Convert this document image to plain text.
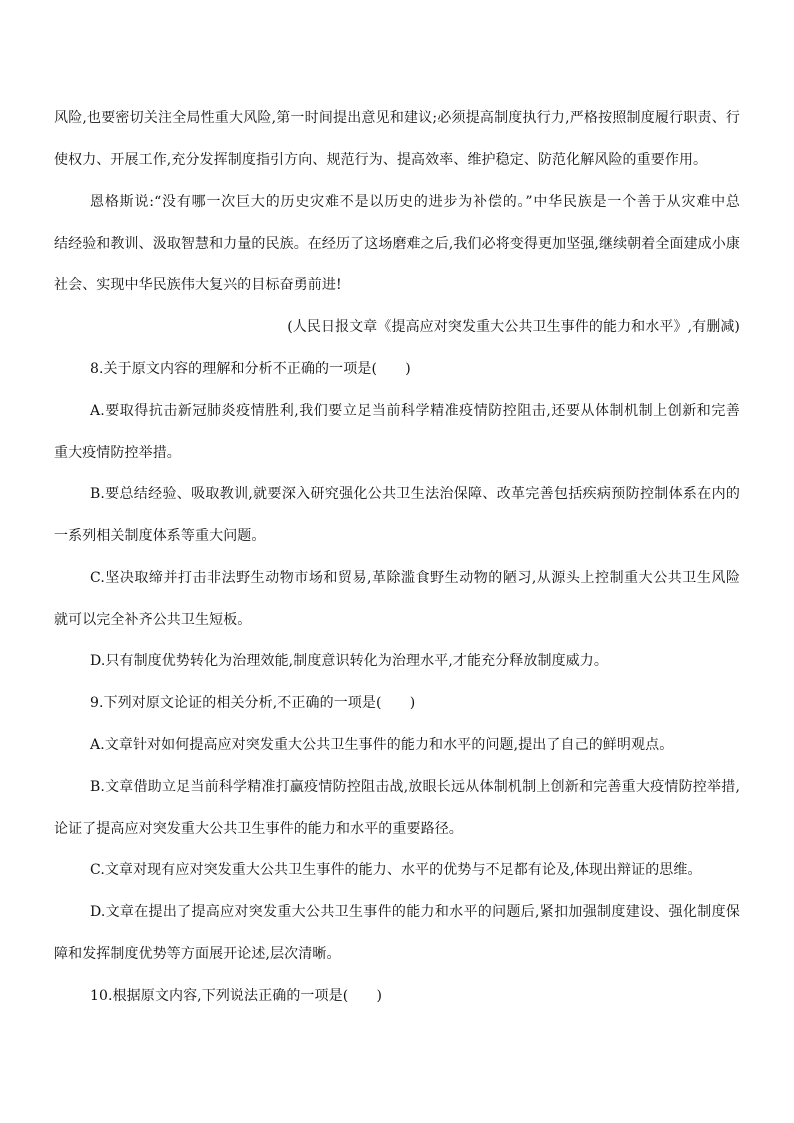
风险,也要密切关注全局性重大风险,第一时间提出意见和建议;必须提高制度执行力,严格按照制度履行职责、行
使权力、开展工作,充分发挥制度指引方向、规范行为、提高效率、维护稳定、防范化解风险的重要作用。
恩格斯说:“没有哪一次巨大的历史灾难不是以历史的进步为补偿的。”中华民族是一个善于从灾难中总
结经验和教训、汲取智慧和力量的民族。在经历了这场磨难之后,我们必将变得更加坚强,继续朝着全面建成小康
社会、实现中华民族伟大复兴的目标奋勇前进!
(人民日报文章《提高应对突发重大公共卫生事件的能力和水平》,有删减)
8.关于原文内容的理解和分析不正确的一项是(　　)
A.要取得抗击新冠肺炎疫情胜利,我们要立足当前科学精准疫情防控阻击,还要从体制机制上创新和完善
重大疫情防控举措。
B.要总结经验、吸取教训,就要深入研究强化公共卫生法治保障、改革完善包括疾病预防控制体系在内的
一系列相关制度体系等重大问题。
C.坚决取缔并打击非法野生动物市场和贸易,革除滥食野生动物的陋习,从源头上控制重大公共卫生风险
就可以完全补齐公共卫生短板。
D.只有制度优势转化为治理效能,制度意识转化为治理水平,才能充分释放制度威力。
9.下列对原文论证的相关分析,不正确的一项是(　　)
A.文章针对如何提高应对突发重大公共卫生事件的能力和水平的问题,提出了自己的鲜明观点。
B.文章借助立足当前科学精准打赢疫情防控阻击战,放眼长远从体制机制上创新和完善重大疫情防控举措,
论证了提高应对突发重大公共卫生事件的能力和水平的重要路径。
C.文章对现有应对突发重大公共卫生事件的能力、水平的优势与不足都有论及,体现出辩证的思维。
D.文章在提出了提高应对突发重大公共卫生事件的能力和水平的问题后,紧扣加强制度建设、强化制度保
障和发挥制度优势等方面展开论述,层次清晰。
10.根据原文内容,下列说法正确的一项是(　　)
